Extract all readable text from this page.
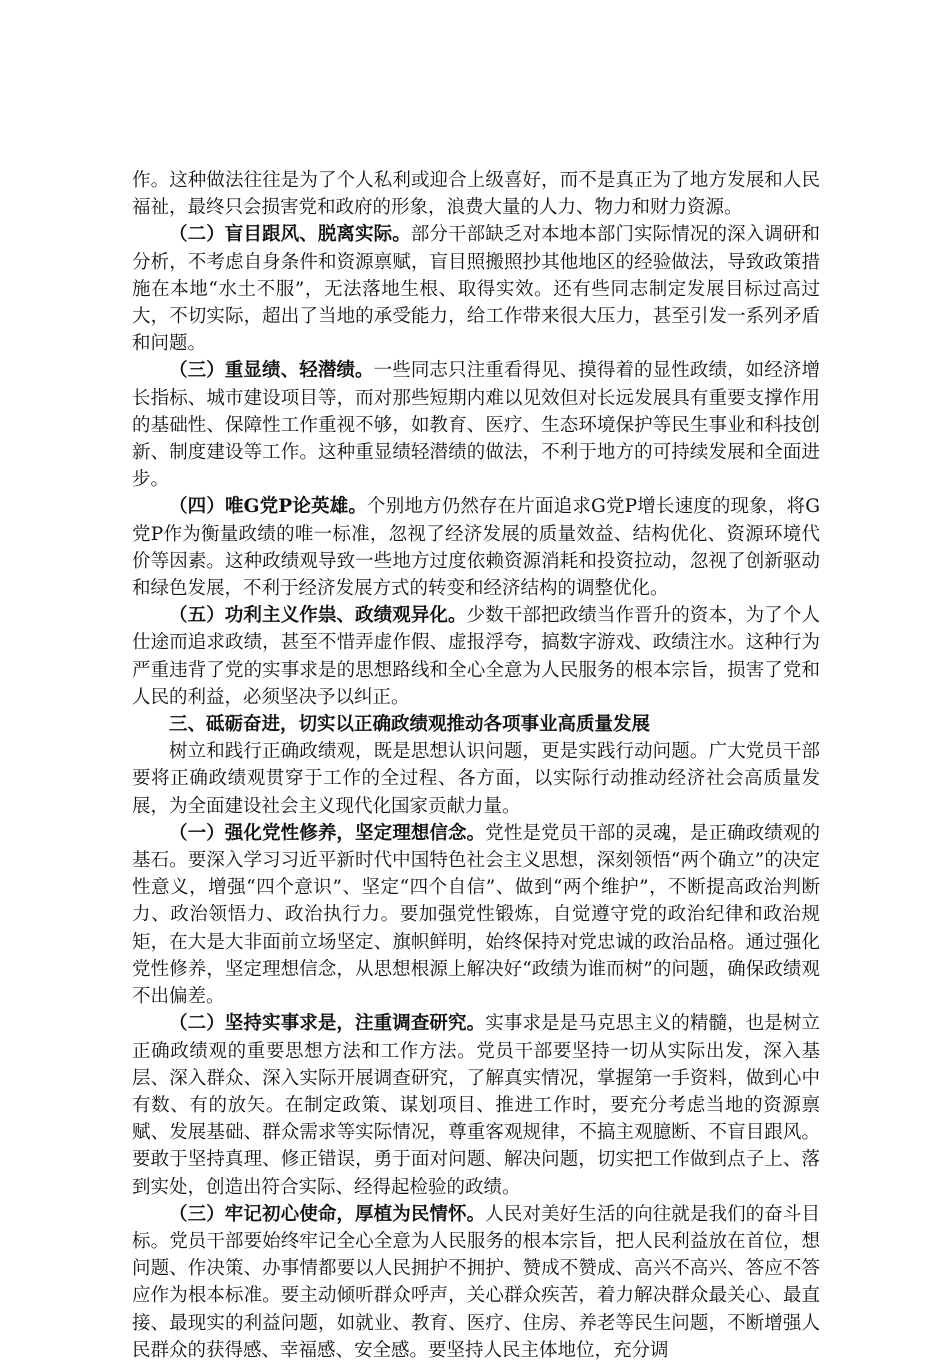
作。这种做法往往是为了个人私利或迎合上级喜好，而不是真正为了地方发展和人民福祉，最终只会损害党和政府的形象，浪费大量的人力、物力和财力资源。

（二）盲目跟风、脱离实际。部分干部缺乏对本地本部门实际情况的深入调研和分析，不考虑自身条件和资源禀赋，盲目照搬照抄其他地区的经验做法，导致政策措施在本地“水土不服”，无法落地生根、取得实效。还有些同志制定发展目标过高过大，不切实际，超出了当地的承受能力，给工作带来很大压力，甚至引发一系列矛盾和问题。

（三）重显绩、轻潜绩。一些同志只注重看得见、摸得着的显性政绩，如经济增长指标、城市建设项目等，而对那些短期内难以见效但对长远发展具有重要支撑作用的基础性、保障性工作重视不够，如教育、医疗、生态环境保护等民生事业和科技创新、制度建设等工作。这种重显绩轻潜绩的做法，不利于地方的可持续发展和全面进步。

（四）唯G党P论英雄。个别地方仍然存在片面追求G党P增长速度的现象，将G党P作为衡量政绩的唯一标准，忽视了经济发展的质量效益、结构优化、资源环境代价等因素。这种政绩观导致一些地方过度依赖资源消耗和投资拉动，忽视了创新驱动和绿色发展，不利于经济发展方式的转变和经济结构的调整优化。

（五）功利主义作祟、政绩观异化。少数干部把政绩当作晋升的资本，为了个人仕途而追求政绩，甚至不惜弄虚作假、虚报浮夸，搞数字游戏、政绩注水。这种行为严重违背了党的实事求是的思想路线和全心全意为人民服务的根本宗旨，损害了党和人民的利益，必须坚决予以纠正。

三、砥砺奋进，切实以正确政绩观推动各项事业高质量发展

树立和践行正确政绩观，既是思想认识问题，更是实践行动问题。广大党员干部要将正确政绩观贯穿于工作的全过程、各方面，以实际行动推动经济社会高质量发展，为全面建设社会主义现代化国家贡献力量。

（一）强化党性修养，坚定理想信念。党性是党员干部的灵魂，是正确政绩观的基石。要深入学习习近平新时代中国特色社会主义思想，深刻领悟“两个确立”的决定性意义，增强“四个意识”、坚定“四个自信”、做到“两个维护”，不断提高政治判断力、政治领悟力、政治执行力。要加强党性锻炼，自觉遵守党的政治纪律和政治规矩，在大是大非面前立场坚定、旗帜鲜明，始终保持对党忠诚的政治品格。通过强化党性修养，坚定理想信念，从思想根源上解决好“政绩为谁而树”的问题，确保政绩观不出偏差。

（二）坚持实事求是，注重调查研究。实事求是是马克思主义的精髓，也是树立正确政绩观的重要思想方法和工作方法。党员干部要坚持一切从实际出发，深入基层、深入群众、深入实际开展调查研究，了解真实情况，掌握第一手资料，做到心中有数、有的放矢。在制定政策、谋划项目、推进工作时，要充分考虑当地的资源禀赋、发展基础、群众需求等实际情况，尊重客观规律，不搞主观臆断、不盲目跟风。要敢于坚持真理、修正错误，勇于面对问题、解决问题，切实把工作做到点子上、落到实处，创造出符合实际、经得起检验的政绩。

（三）牢记初心使命，厚植为民情怀。人民对美好生活的向往就是我们的奋斗目标。党员干部要始终牢记全心全意为人民服务的根本宗旨，把人民利益放在首位，想问题、作决策、办事情都要以人民拥护不拥护、赞成不赞成、高兴不高兴、答应不答应作为根本标准。要主动倾听群众呼声，关心群众疾苦，着力解决群众最关心、最直接、最现实的利益问题，如就业、教育、医疗、住房、养老等民生问题，不断增强人民群众的获得感、幸福感、安全感。要坚持人民主体地位，充分调
